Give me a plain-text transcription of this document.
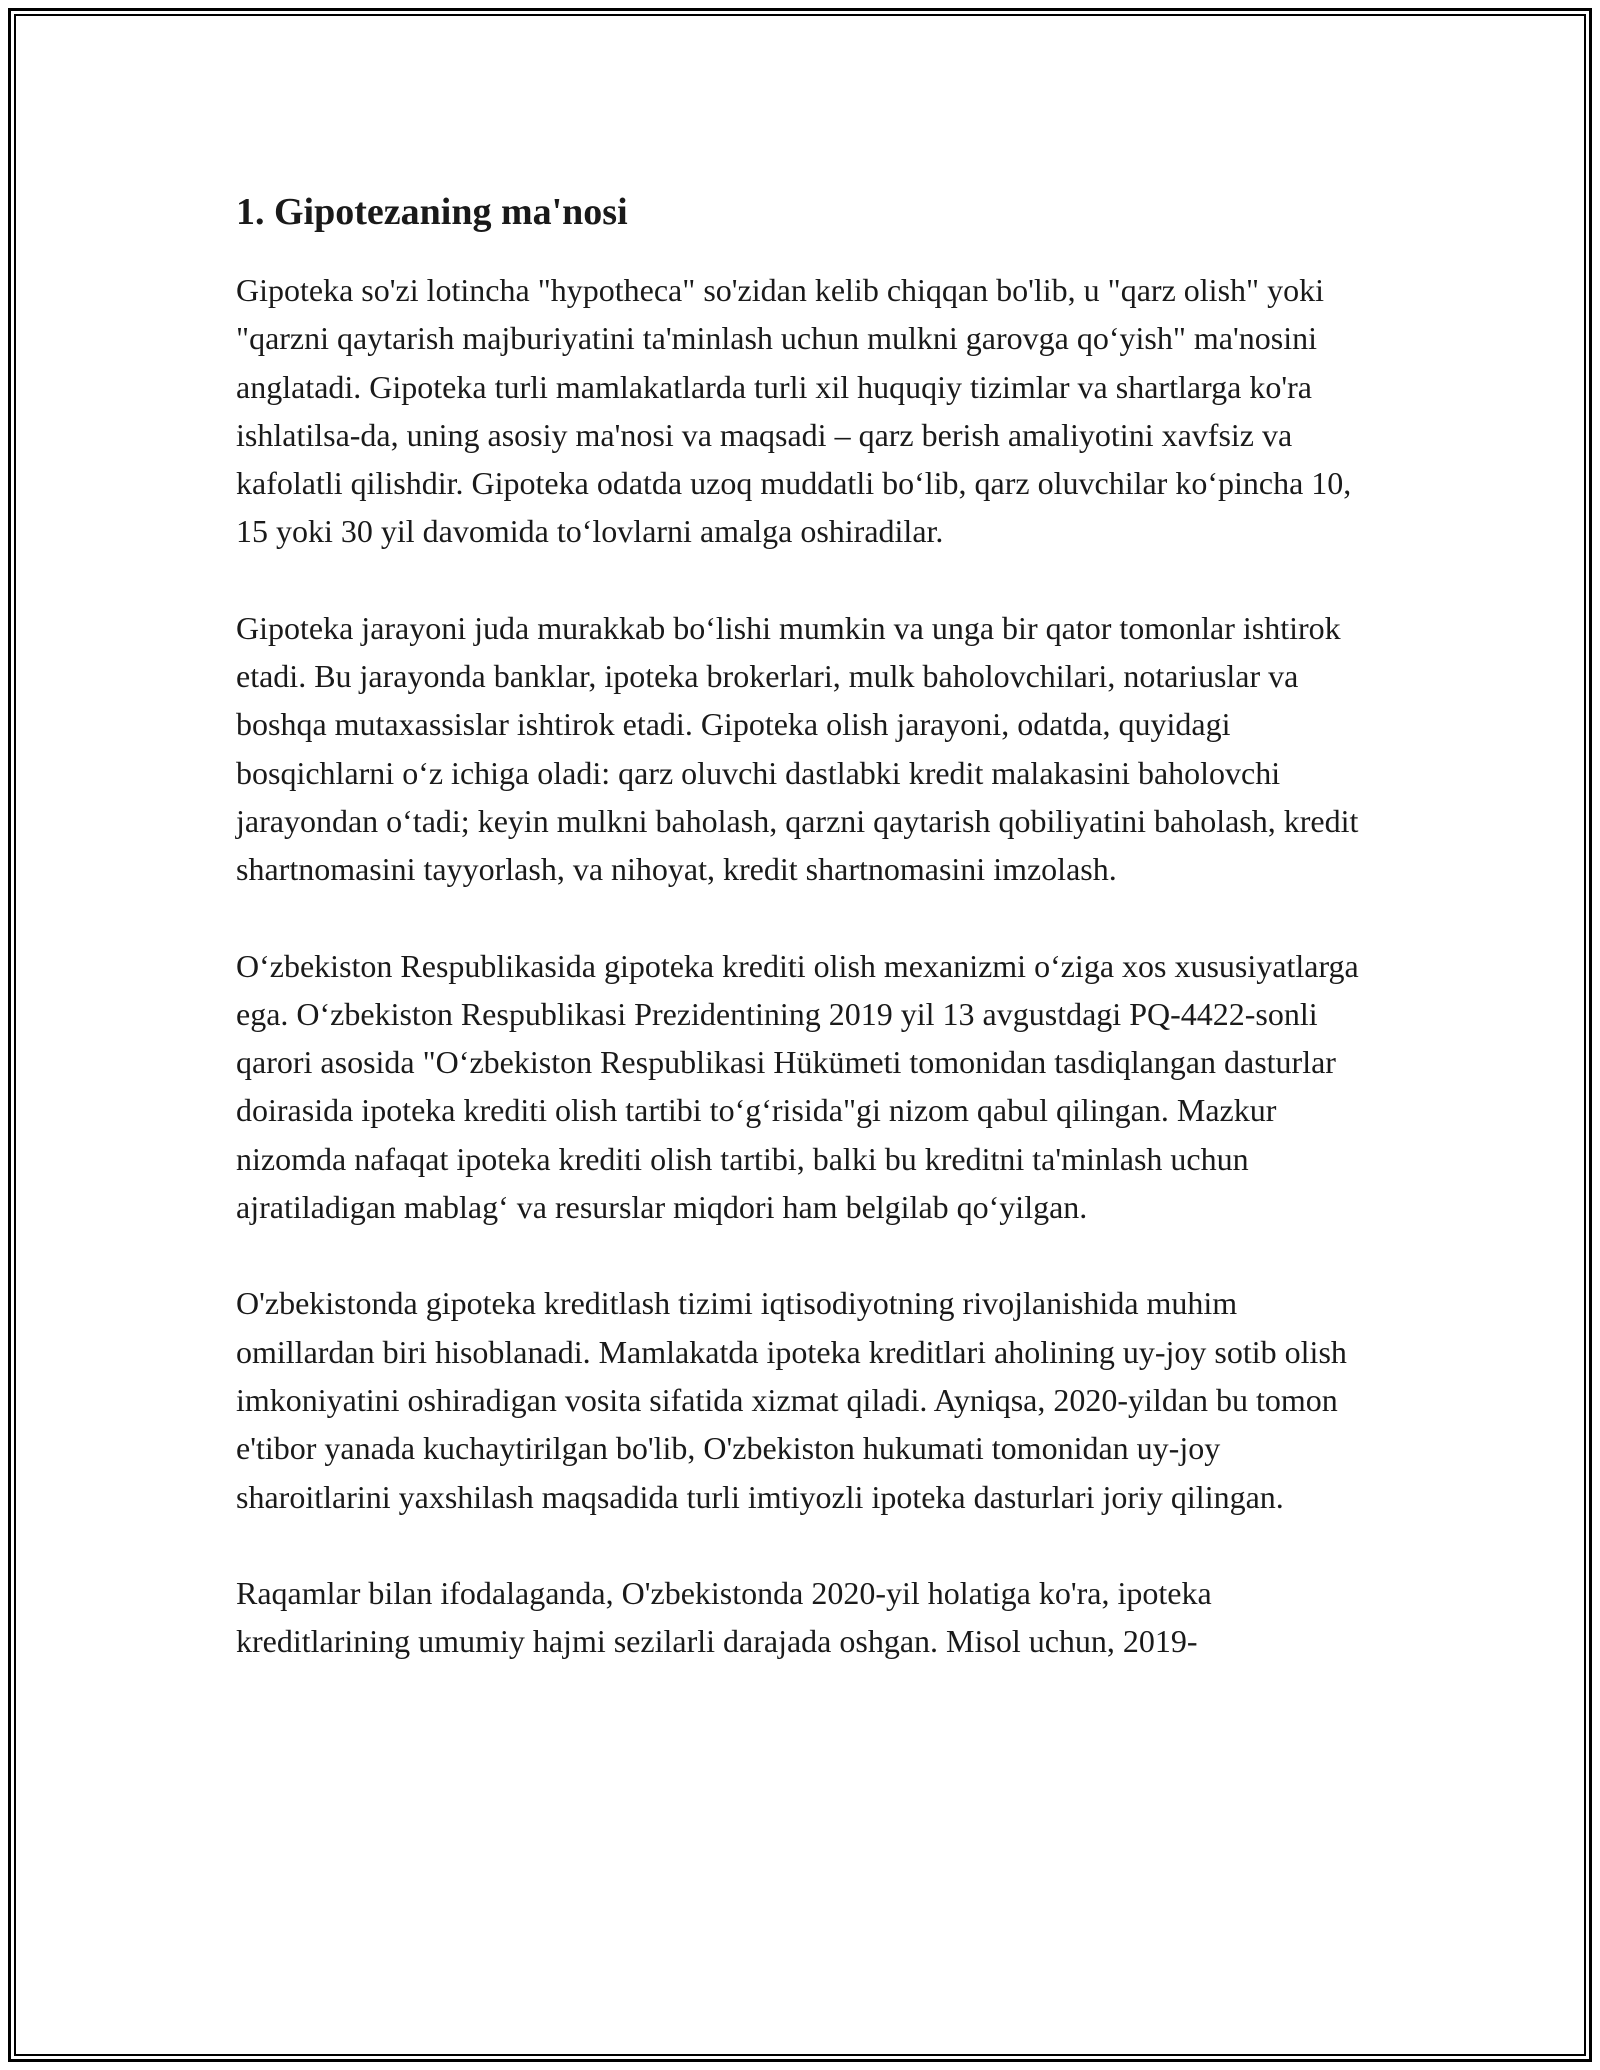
1. Gipotezaning ma'nosi

Gipoteka so'zi lotincha "hypotheca" so'zidan kelib chiqqan bo'lib, u "qarz olish" yoki "qarzni qaytarish majburiyatini ta'minlash uchun mulkni garovga qo‘yish" ma'nosini anglatadi. Gipoteka turli mamlakatlarda turli xil huquqiy tizimlar va shartlarga ko'ra ishlatilsa-da, uning asosiy ma'nosi va maqsadi – qarz berish amaliyotini xavfsiz va kafolatli qilishdir. Gipoteka odatda uzoq muddatli bo‘lib, qarz oluvchilar ko‘pincha 10, 15 yoki 30 yil davomida to‘lovlarni amalga oshiradilar.

Gipoteka jarayoni juda murakkab bo‘lishi mumkin va unga bir qator tomonlar ishtirok etadi. Bu jarayonda banklar, ipoteka brokerlari, mulk baholovchilari, notariuslar va boshqa mutaxassislar ishtirok etadi. Gipoteka olish jarayoni, odatda, quyidagi bosqichlarni o‘z ichiga oladi: qarz oluvchi dastlabki kredit malakasini baholovchi jarayondan o‘tadi; keyin mulkni baholash, qarzni qaytarish qobiliyatini baholash, kredit shartnomasini tayyorlash, va nihoyat, kredit shartnomasini imzolash.

O‘zbekiston Respublikasida gipoteka krediti olish mexanizmi o‘ziga xos xususiyatlarga ega. O‘zbekiston Respublikasi Prezidentining 2019 yil 13 avgustdagi PQ-4422-sonli qarori asosida "O‘zbekiston Respublikasi Hükümeti tomonidan tasdiqlangan dasturlar doirasida ipoteka krediti olish tartibi to‘g‘risida"gi nizom qabul qilingan. Mazkur nizomda nafaqat ipoteka krediti olish tartibi, balki bu kreditni ta'minlash uchun ajratiladigan mablag‘ va resurslar miqdori ham belgilab qo‘yilgan.

O'zbekistonda gipoteka kreditlash tizimi iqtisodiyotning rivojlanishida muhim omillardan biri hisoblanadi. Mamlakatda ipoteka kreditlari aholining uy-joy sotib olish imkoniyatini oshiradigan vosita sifatida xizmat qiladi. Ayniqsa, 2020-yildan bu tomon e'tibor yanada kuchaytirilgan bo'lib, O'zbekiston hukumati tomonidan uy-joy sharoitlarini yaxshilash maqsadida turli imtiyozli ipoteka dasturlari joriy qilingan.

Raqamlar bilan ifodalaganda, O'zbekistonda 2020-yil holatiga ko'ra, ipoteka kreditlarining umumiy hajmi sezilarli darajada oshgan. Misol uchun, 2019-
